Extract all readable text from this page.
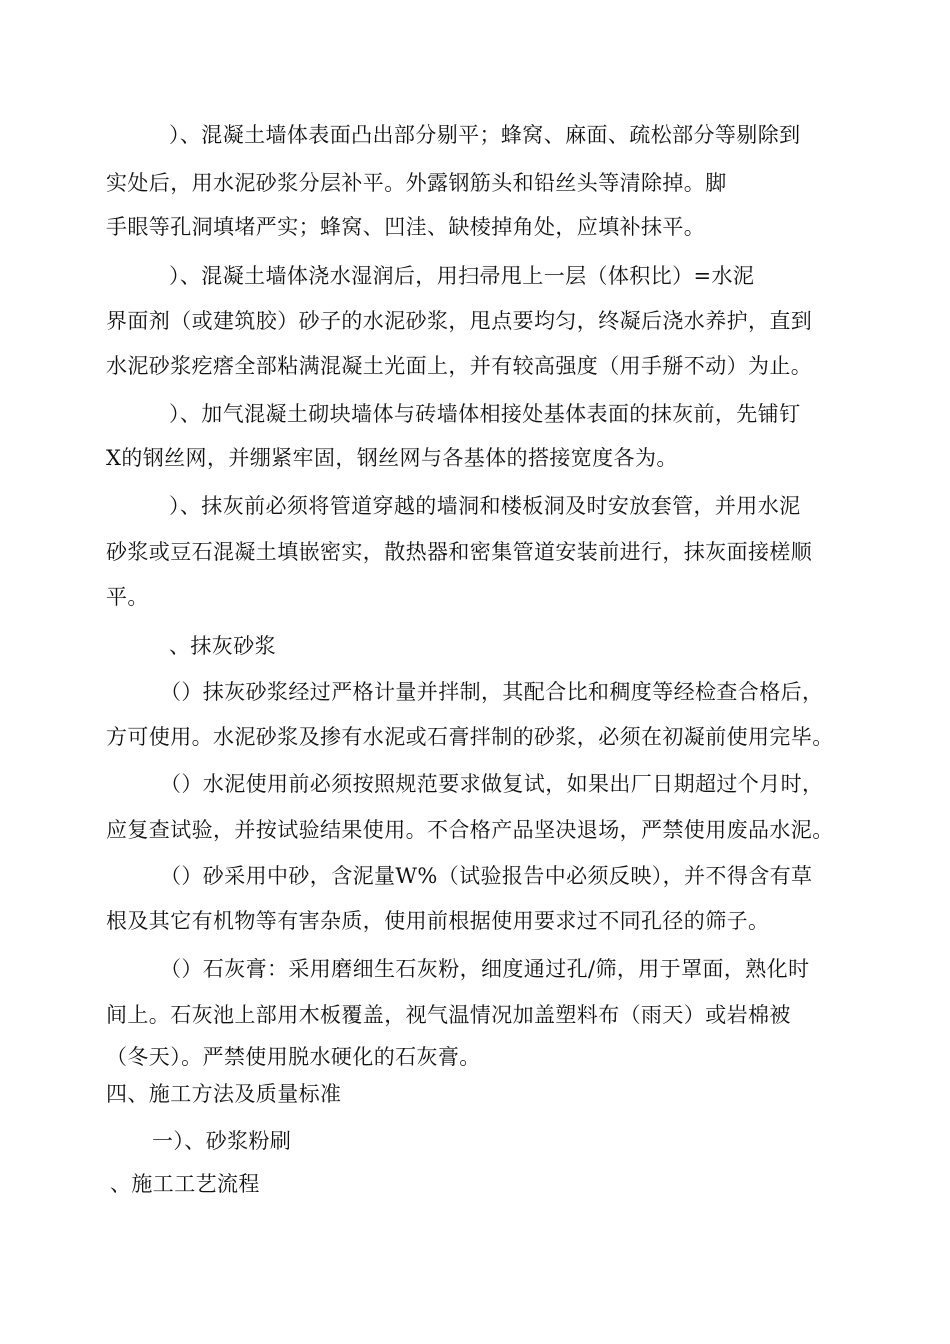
）、混凝土墙体表面凸出部分剔平；蜂窝、麻面、疏松部分等剔除到
实处后，用水泥砂浆分层补平。外露钢筋头和铅丝头等清除掉。脚
手眼等孔洞填堵严实；蜂窝、凹洼、缺棱掉角处，应填补抹平。
）、混凝土墙体浇水湿润后，用扫帚甩上一层（体积比）=水泥
界面剂（或建筑胶）砂子的水泥砂浆，甩点要均匀，终凝后浇水养护，直到
水泥砂浆疙瘩全部粘满混凝土光面上，并有较高强度（用手掰不动）为止。
）、加气混凝土砌块墙体与砖墙体相接处基体表面的抹灰前，先铺钉
X的钢丝网，并绷紧牢固，钢丝网与各基体的搭接宽度各为。
）、抹灰前必须将管道穿越的墙洞和楼板洞及时安放套管，并用水泥
砂浆或豆石混凝土填嵌密实，散热器和密集管道安装前进行，抹灰面接槎顺
平。
、抹灰砂浆
（）抹灰砂浆经过严格计量并拌制，其配合比和稠度等经检查合格后，
方可使用。水泥砂浆及掺有水泥或石膏拌制的砂浆，必须在初凝前使用完毕。
（）水泥使用前必须按照规范要求做复试，如果出厂日期超过个月时，
应复查试验，并按试验结果使用。不合格产品坚决退场，严禁使用废品水泥。
（）砂采用中砂，含泥量W%（试验报告中必须反映），并不得含有草
根及其它有机物等有害杂质，使用前根据使用要求过不同孔径的筛子。
（）石灰膏：采用磨细生石灰粉，细度通过孔/筛，用于罩面，熟化时
间上。石灰池上部用木板覆盖，视气温情况加盖塑料布（雨天）或岩棉被
（冬天）。严禁使用脱水硬化的石灰膏。
四、施工方法及质量标准
一）、砂浆粉刷
、施工工艺流程
